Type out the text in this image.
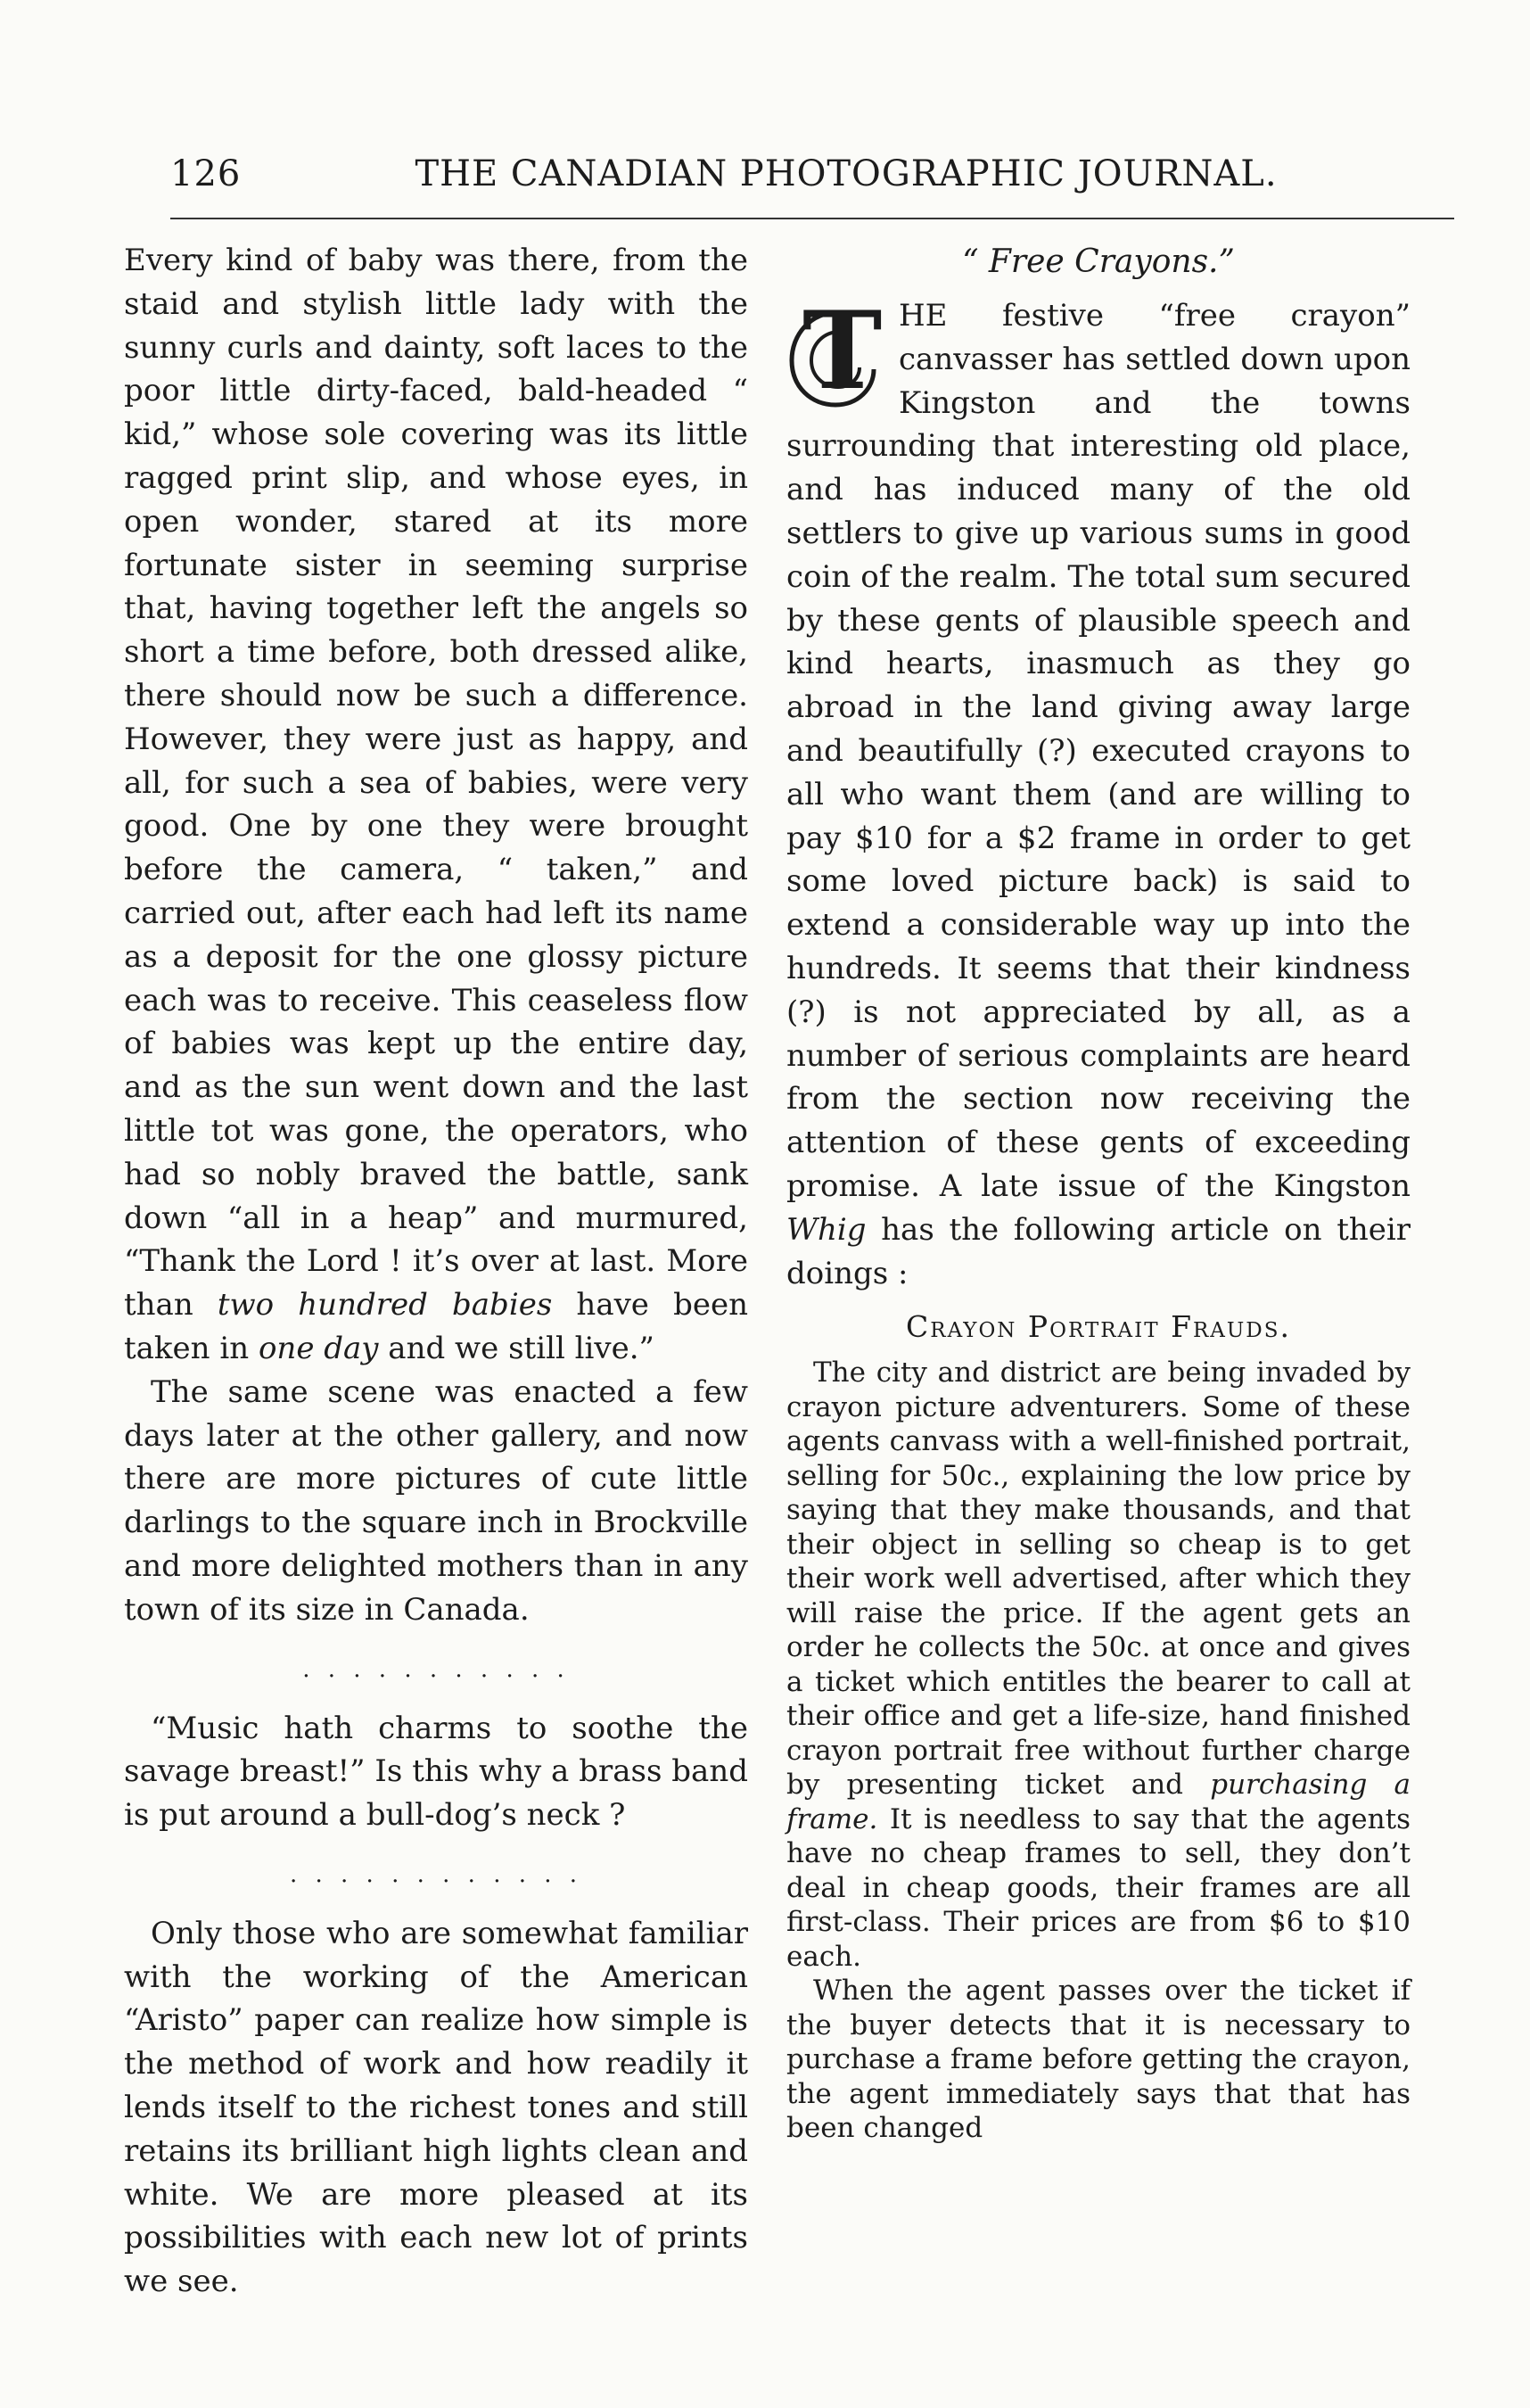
126	THE CANADIAN PHOTOGRAPHIC JOURNAL.

Every kind of baby was there, from the staid and stylish little lady with the sunny curls and dainty, soft laces to the poor little dirty-faced, bald-headed “ kid,” whose sole covering was its little ragged print slip, and whose eyes, in open wonder, stared at its more fortunate sister in seeming surprise that, having together left the angels so short a time before, both dressed alike, there should now be such a difference. However, they were just as happy, and all, for such a sea of babies, were very good. One by one they were brought before the camera, “ taken,” and carried out, after each had left its name as a deposit for the one glossy picture each was to receive. This ceaseless flow of babies was kept up the entire day, and as the sun went down and the last little tot was gone, the operators, who had so nobly braved the battle, sank down “all in a heap” and murmured, “Thank the Lord ! it’s over at last. More than two hundred babies have been taken in one day and we still live.”

The same scene was enacted a few days later at the other gallery, and now there are more pictures of cute little darlings to the square inch in Brockville and more delighted mothers than in any town of its size in Canada.

. . . . . . . . . . .

“Music hath charms to soothe the savage breast!” Is this why a brass band is put around a bull-dog’s neck ?

. . . . . . . . . . . .

Only those who are somewhat familiar with the working of the American “Aristo” paper can realize how simple is the method of work and how readily it lends itself to the richest tones and still retains its brilliant high lights clean and white. We are more pleased at its possibilities with each new lot of prints we see.

“ Free Crayons.”
T HE festive “free crayon” canvasser has settled down upon Kingston and the towns surrounding that interesting old place, and has induced many of the old settlers to give up various sums in good coin of the realm. The total sum secured by these gents of plausible speech and kind hearts, inasmuch as they go abroad in the land giving away large and beautifully (?) executed crayons to all who want them (and are willing to pay $10 for a $2 frame in order to get some loved picture back) is said to extend a considerable way up into the hundreds. It seems that their kindness (?) is not appreciated by all, as a number of serious complaints are heard from the section now receiving the attention of these gents of exceeding promise. A late issue of the Kingston Whig has the following article on their doings :

Crayon Portrait Frauds.

The city and district are being invaded by crayon picture adventurers. Some of these agents canvass with a well-finished portrait, selling for 50c., explaining the low price by saying that they make thousands, and that their object in selling so cheap is to get their work well advertised, after which they will raise the price. If the agent gets an order he collects the 50c. at once and gives a ticket which entitles the bearer to call at their office and get a life-size, hand finished crayon portrait free without further charge by presenting ticket and purchasing a frame. It is needless to say that the agents have no cheap frames to sell, they don’t deal in cheap goods, their frames are all first-class. Their prices are from $6 to $10 each.

When the agent passes over the ticket if the buyer detects that it is necessary to purchase a frame before getting the crayon, the agent immediately says that that has been changed
